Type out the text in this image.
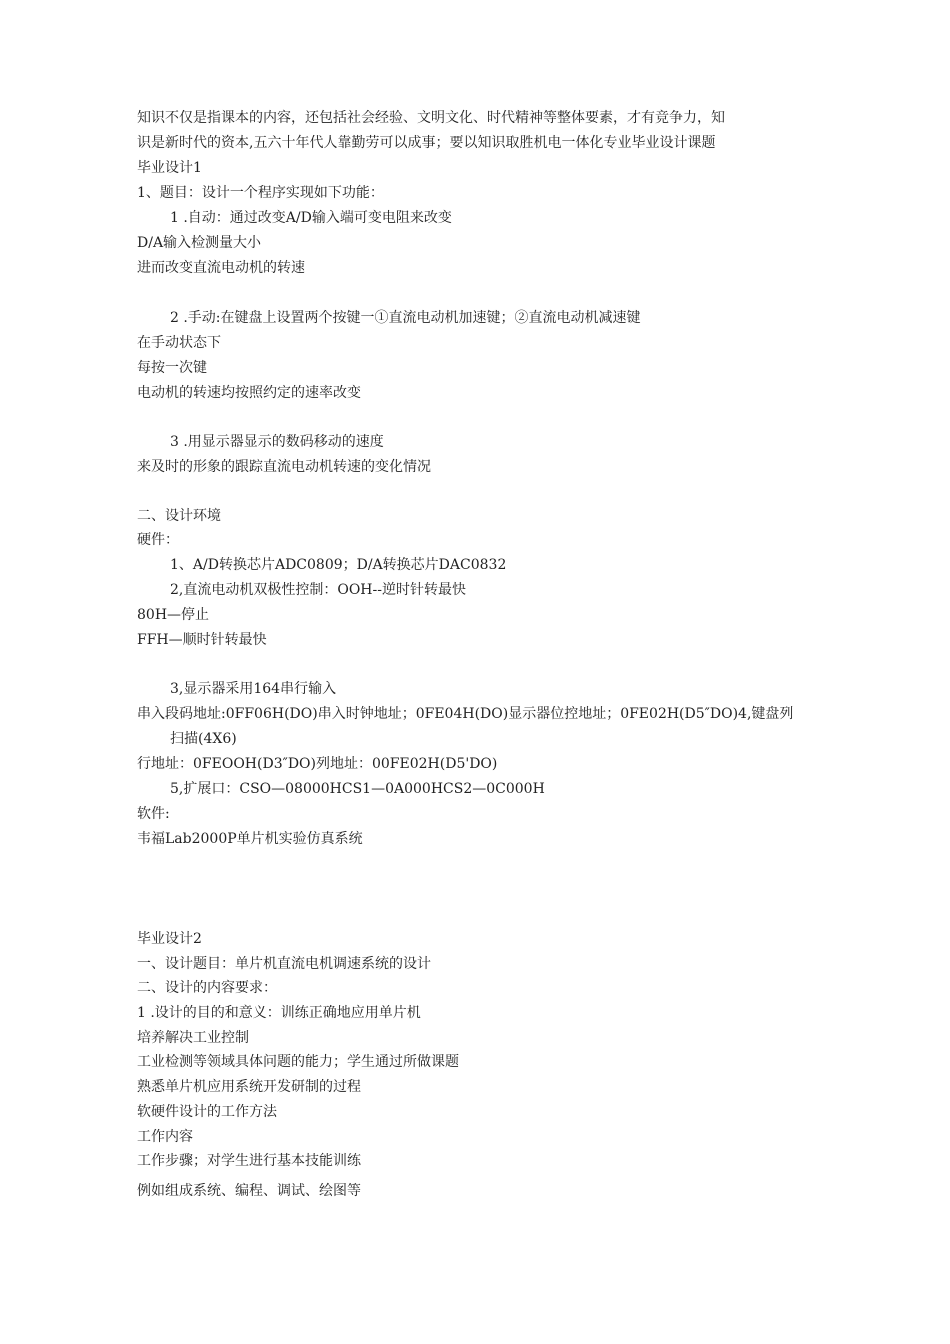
知识不仅是指课本的内容，还包括社会经验、文明文化、时代精神等整体要素，才有竞争力，知
识是新时代的资本,五六十年代人靠勤劳可以成事；要以知识取胜机电一体化专业毕业设计课题
毕业设计1
1、题目：设计一个程序实现如下功能：
1 .自动：通过改变A/D输入端可变电阻来改变
D/A输入检测量大小
进而改变直流电动机的转速
2 .手动:在键盘上设置两个按键一①直流电动机加速键；②直流电动机减速键
在手动状态下
每按一次键
电动机的转速均按照约定的速率改变
3 .用显示器显示的数码移动的速度
来及时的形象的跟踪直流电动机转速的变化情况
二、设计环境
硬件：
1、A/D转换芯片ADC0809；D/A转换芯片DAC0832
2,直流电动机双极性控制：OOH--逆时针转最快
80H—停止
FFH—顺时针转最快
3,显示器采用164串行输入
串入段码地址:0FF06H(DO)串入时钟地址；0FE04H(DO)显示器位控地址；0FE02H(D5″DO)4,键盘列
扫描(4X6)
行地址：0FEOOH(D3″DO)列地址：00FE02H(D5'DO)
5,扩展口：CSO—08000HCS1—0A000HCS2—0C000H
软件:
韦福Lab2000P单片机实验仿真系统
毕业设计2
一、设计题目：单片机直流电机调速系统的设计
二、设计的内容要求：
1 .设计的目的和意义：训练正确地应用单片机
培养解决工业控制
工业检测等领域具体问题的能力；学生通过所做课题
熟悉单片机应用系统开发研制的过程
软硬件设计的工作方法
工作内容
工作步骤；对学生进行基本技能训练
例如组成系统、编程、调试、绘图等
